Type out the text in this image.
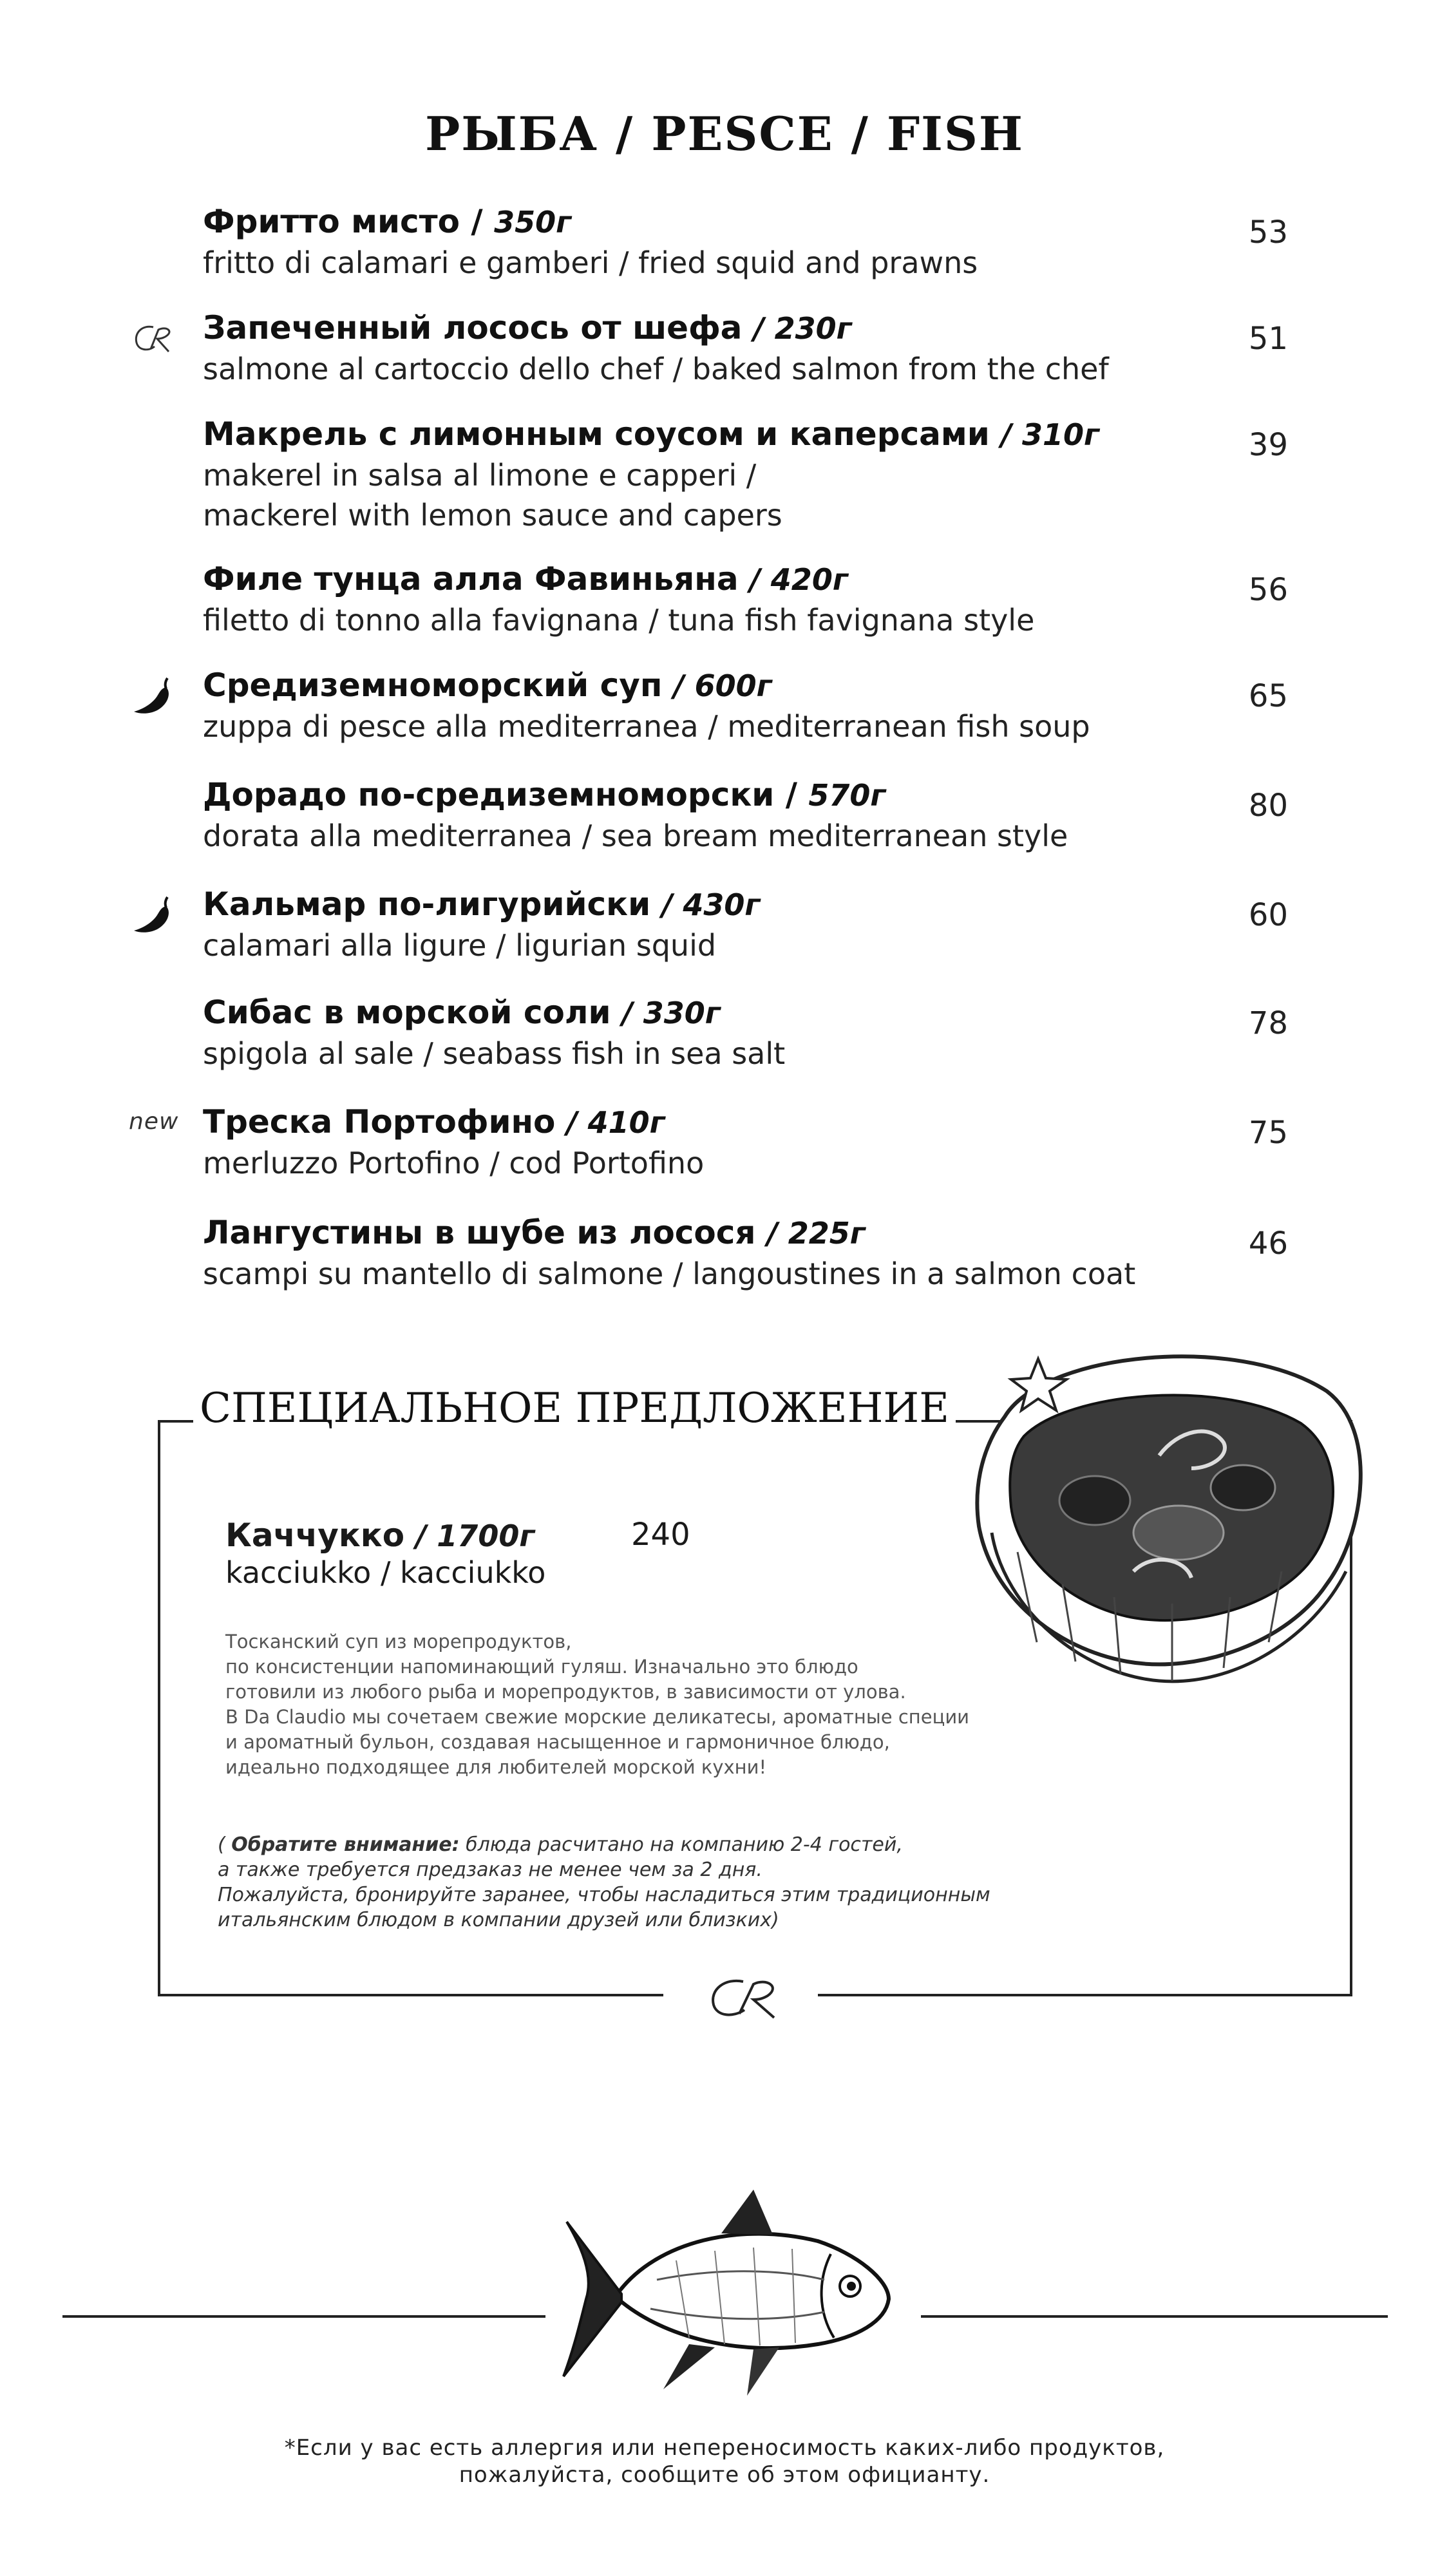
РЫБА / PESCE / FISH
Фритто мисто / 350г
fritto di calamari e gamberi / fried squid and prawns
53
Запеченный лосось от шефа / 230г
salmone al cartoccio dello chef / baked salmon from the chef
51
Макрель с лимонным соусом и каперсами / 310г
makerel in salsa al limone e capperi /
mackerel with lemon sauce and capers
39
Филе тунца алла Фавиньяна / 420г
filetto di tonno alla favignana / tuna fish favignana style
56
Средиземноморский суп / 600г
zuppa di pesce alla mediterranea / mediterranean fish soup
65
Дорадо по-средиземноморски / 570г
dorata alla mediterranea / sea bream mediterranean style
80
Кальмар по-лигурийски / 430г
calamari alla ligure / ligurian squid
60
Сибас в морской соли / 330г
spigola al sale / seabass fish in sea salt
78
new Треска Портофино / 410г
merluzzo Portofino / cod Portofino
75
Лангустины в шубе из лосося / 225г
scampi su mantello di salmone / langoustines in a salmon coat
46
СПЕЦИАЛЬНОЕ ПРЕДЛОЖЕНИЕ
Каччукко / 1700г
kacciukko / kacciukko
240
Тосканский суп из морепродуктов,
по консистенции напоминающий гуляш. Изначально это блюдо
готовили из любого рыба и морепродуктов, в зависимости от улова.
В Da Claudio мы сочетаем свежие морские деликатесы, ароматные специи
и ароматный бульон, создавая насыщенное и гармоничное блюдо,
идеально подходящее для любителей морской кухни!
( Обратите внимание: блюда расчитано на компанию 2-4 гостей,
а также требуется предзаказ не менее чем за 2 дня.
Пожалуйста, бронируйте заранее, чтобы насладиться этим традиционным
итальянским блюдом в компании друзей или близких)
*Если у вас есть аллергия или непереносимость каких-либо продуктов,
пожалуйста, сообщите об этом официанту.
